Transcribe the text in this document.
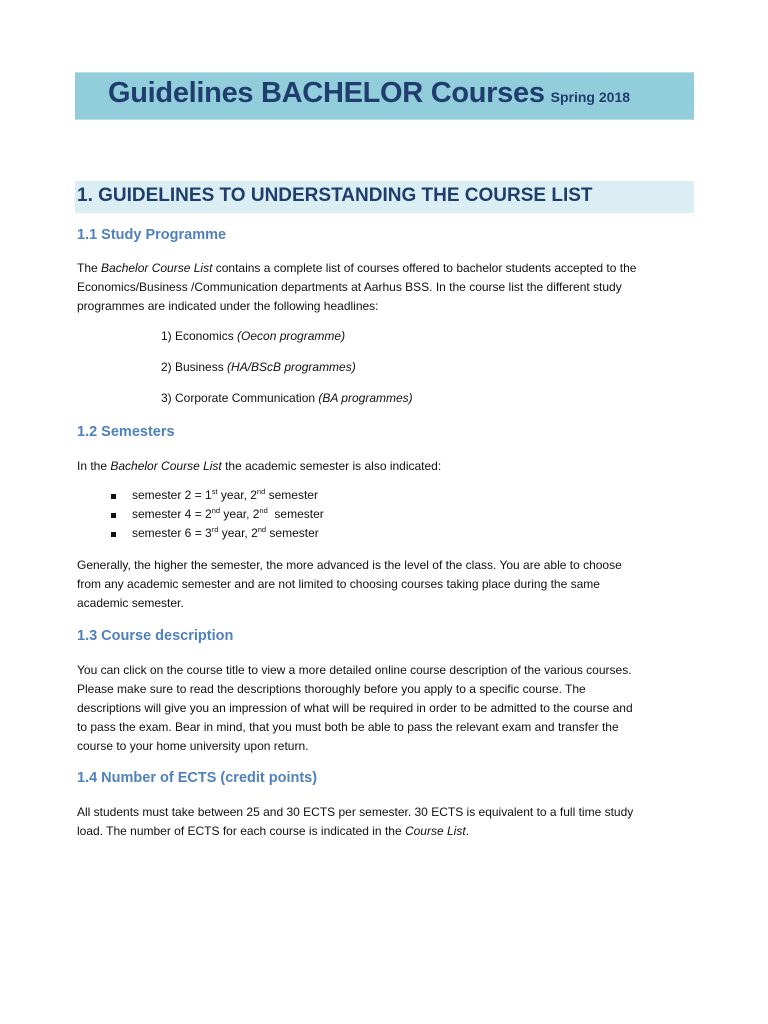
Guidelines BACHELOR Courses Spring 2018
1. GUIDELINES TO UNDERSTANDING THE COURSE LIST
1.1 Study Programme

The Bachelor Course List contains a complete list of courses offered to bachelor students accepted to the
Economics/Business /Communication departments at Aarhus BSS. In the course list the different study
programmes are indicated under the following headlines:

1) Economics (Oecon programme)

2) Business (HA/BScB programmes)

3) Corporate Communication (BA programmes)

1.2 Semesters

In the Bachelor Course List the academic semester is also indicated:

semester 2 = 1st year, 2nd semester
semester 4 = 2nd year, 2nd  semester
semester 6 = 3rd year, 2nd semester

Generally, the higher the semester, the more advanced is the level of the class. You are able to choose
from any academic semester and are not limited to choosing courses taking place during the same
academic semester.

1.3 Course description

You can click on the course title to view a more detailed online course description of the various courses.
Please make sure to read the descriptions thoroughly before you apply to a specific course. The
descriptions will give you an impression of what will be required in order to be admitted to the course and
to pass the exam. Bear in mind, that you must both be able to pass the relevant exam and transfer the
course to your home university upon return.

1.4 Number of ECTS (credit points)

All students must take between 25 and 30 ECTS per semester. 30 ECTS is equivalent to a full time study
load. The number of ECTS for each course is indicated in the Course List.
